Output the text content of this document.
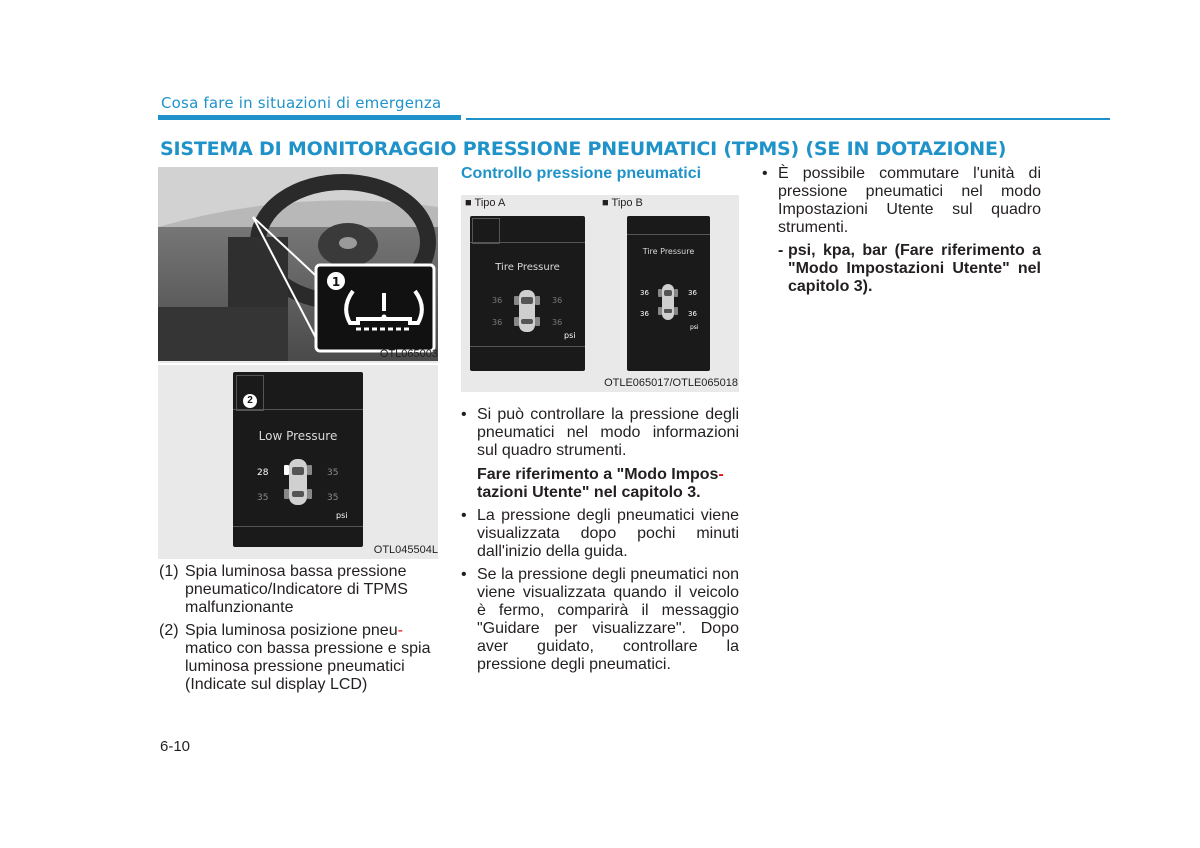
Cosa fare in situazioni di emergenza
SISTEMA DI MONITORAGGIO PRESSIONE PNEUMATICI (TPMS) (SE IN DOTAZIONE)
1
OTL065003
2
Low Pressure
28	35
35	35
psi
OTL045504L
(1) Spia luminosa bassa pressione pneumatico/Indicatore di TPMS malfunzionante
(2) Spia luminosa posizione pneu-
matico con bassa pressione e spia luminosa pressione pneumatici
(Indicate sul display LCD)
Controllo pressione pneumatici
■ Tipo A	■ Tipo B
Tire Pressure
36	36
36	36
psi
Tire Pressure
36	36
36	36
psi
OTLE065017/OTLE065018
• Si può controllare la pressione degli pneumatici nel modo informazioni sul quadro strumenti.
Fare riferimento a "Modo Impos-
tazioni Utente" nel capitolo 3.
• La pressione degli pneumatici viene visualizzata dopo pochi minuti dall'inizio della guida.
• Se la pressione degli pneumatici non viene visualizzata quando il veicolo è fermo, comparirà il messaggio "Guidare per visualizzare". Dopo aver guidato, controllare la pressione degli pneumatici.
• È possibile commutare l'unità di pressione pneumatici nel modo Impostazioni Utente sul quadro strumenti.
- psi, kpa, bar (Fare riferimento a "Modo Impostazioni Utente" nel capitolo 3).
6-10
